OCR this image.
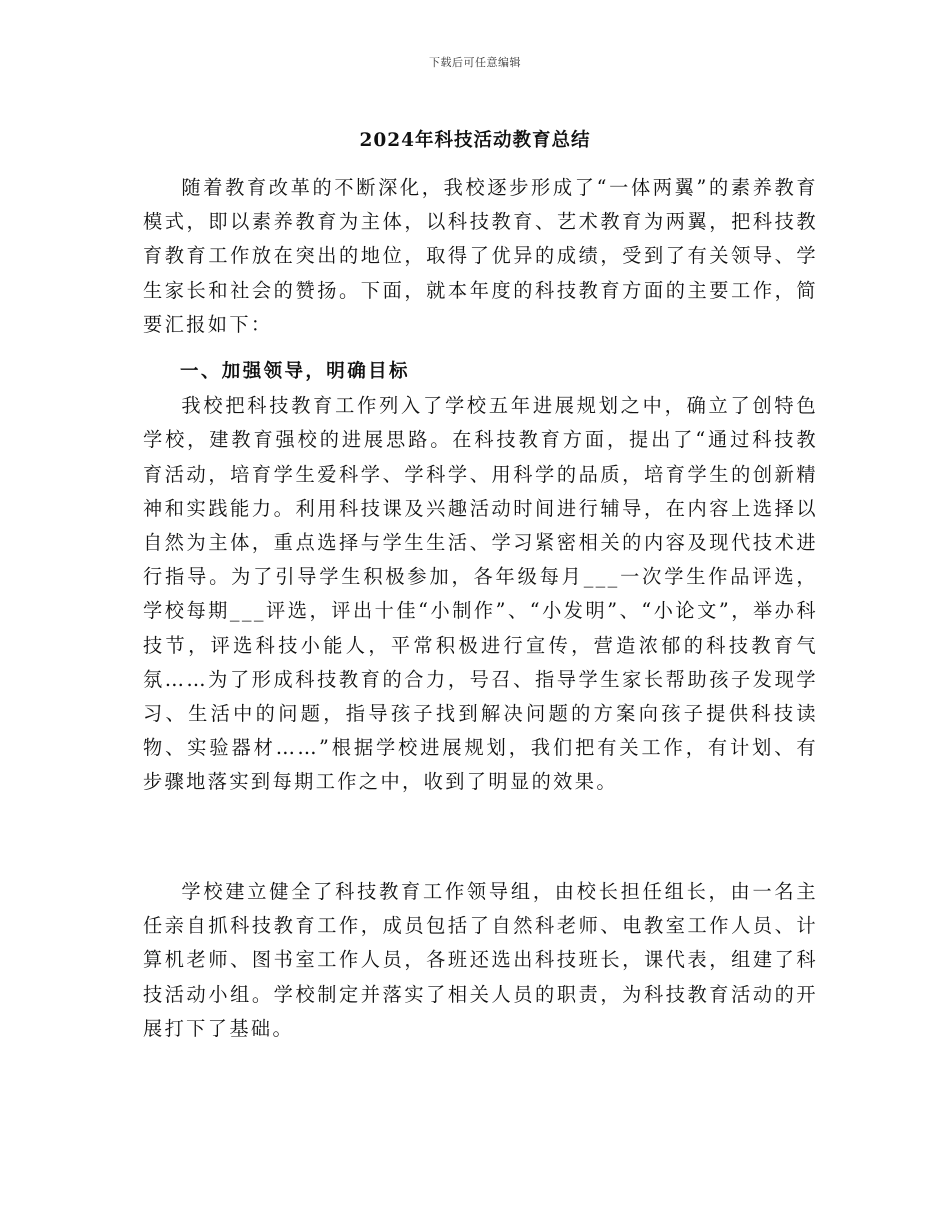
下载后可任意编辑
2024年科技活动教育总结

随着教育改革的不断深化，我校逐步形成了“一体两翼”的素养教育模式，即以素养教育为主体，以科技教育、艺术教育为两翼，把科技教育教育工作放在突出的地位，取得了优异的成绩，受到了有关领导、学生家长和社会的赞扬。下面，就本年度的科技教育方面的主要工作，简要汇报如下：

一、加强领导，明确目标

我校把科技教育工作列入了学校五年进展规划之中，确立了创特色学校，建教育强校的进展思路。在科技教育方面，提出了“通过科技教育活动，培育学生爱科学、学科学、用科学的品质，培育学生的创新精神和实践能力。利用科技课及兴趣活动时间进行辅导，在内容上选择以自然为主体，重点选择与学生生活、学习紧密相关的内容及现代技术进行指导。为了引导学生积极参加，各年级每月___一次学生作品评选，学校每期___评选，评出十佳“小制作”、“小发明”、“小论文”，举办科技节，评选科技小能人，平常积极进行宣传，营造浓郁的科技教育气氛……为了形成科技教育的合力，号召、指导学生家长帮助孩子发现学习、生活中的问题，指导孩子找到解决问题的方案向孩子提供科技读物、实验器材……”根据学校进展规划，我们把有关工作，有计划、有步骤地落实到每期工作之中，收到了明显的效果。

学校建立健全了科技教育工作领导组，由校长担任组长，由一名主任亲自抓科技教育工作，成员包括了自然科老师、电教室工作人员、计算机老师、图书室工作人员，各班还选出科技班长，课代表，组建了科技活动小组。学校制定并落实了相关人员的职责，为科技教育活动的开展打下了基础。
